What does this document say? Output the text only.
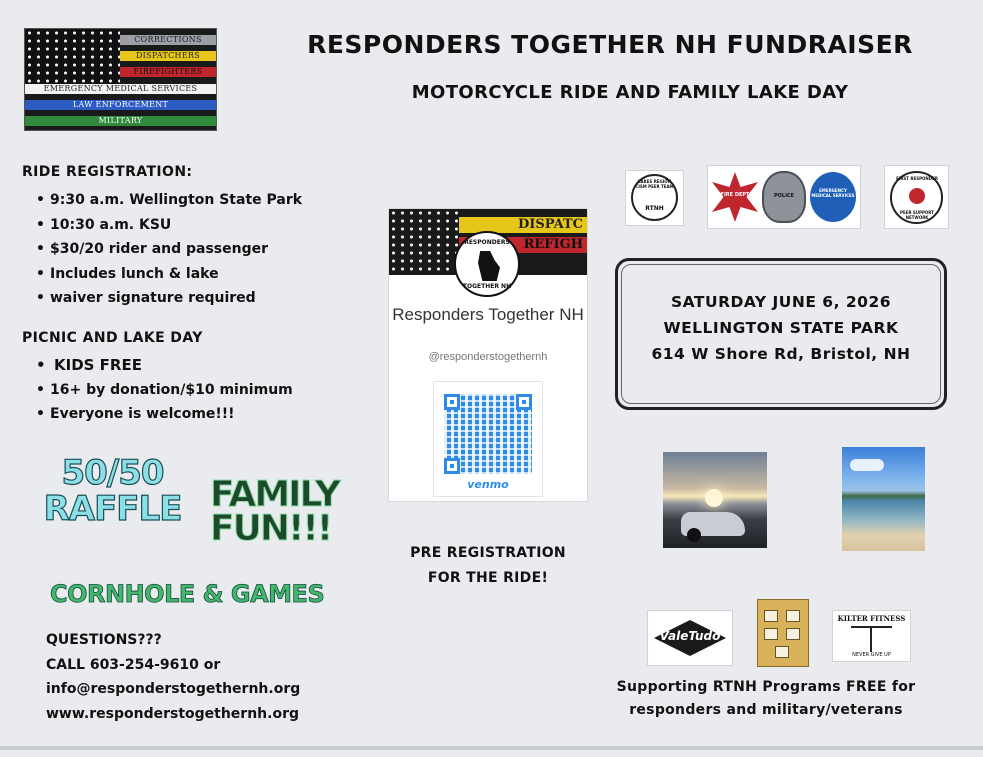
CORRECTIONS
DISPATCHERS
FIREFIGHTERS
EMERGENCY MEDICAL SERVICES
LAW ENFORCEMENT
MILITARY
RESPONDERS TOGETHER NH FUNDRAISER
MOTORCYCLE RIDE AND FAMILY LAKE DAY
RIDE REGISTRATION:
• 9:30 a.m. Wellington State Park
• 10:30 a.m. KSU
• $30/20 rider and passenger
• Includes lunch & lake
• waiver signature required
PICNIC AND LAKE DAY
• KIDS FREE
• 16+ by donation/$10 minimum
• Everyone is welcome!!!
50/50
RAFFLE FAMILY
FUN!!!
CORNHOLE & GAMES
QUESTIONS???
CALL 603-254-9610 or
info@responderstogethernh.org
www.responderstogethernh.org
DISPATC
REFIGH
RESPONDERS
TOGETHER NH
Responders Together NH
@responderstogethernh
venmo
PRE REGISTRATION
FOR THE RIDE!
LAKES REGION CISM PEER TEAM
RTNH
FIRE DEPT	POLICE
EMERGENCY MEDICAL SERVICES
FIRST RESPONDER
PEER SUPPORT NETWORK
SATURDAY JUNE 6, 2026
WELLINGTON STATE PARK
614 W Shore Rd, Bristol, NH
ValeTudo
KILTER FITNESS
NEVER GIVE UP
Supporting RTNH Programs FREE for
responders and military/veterans
